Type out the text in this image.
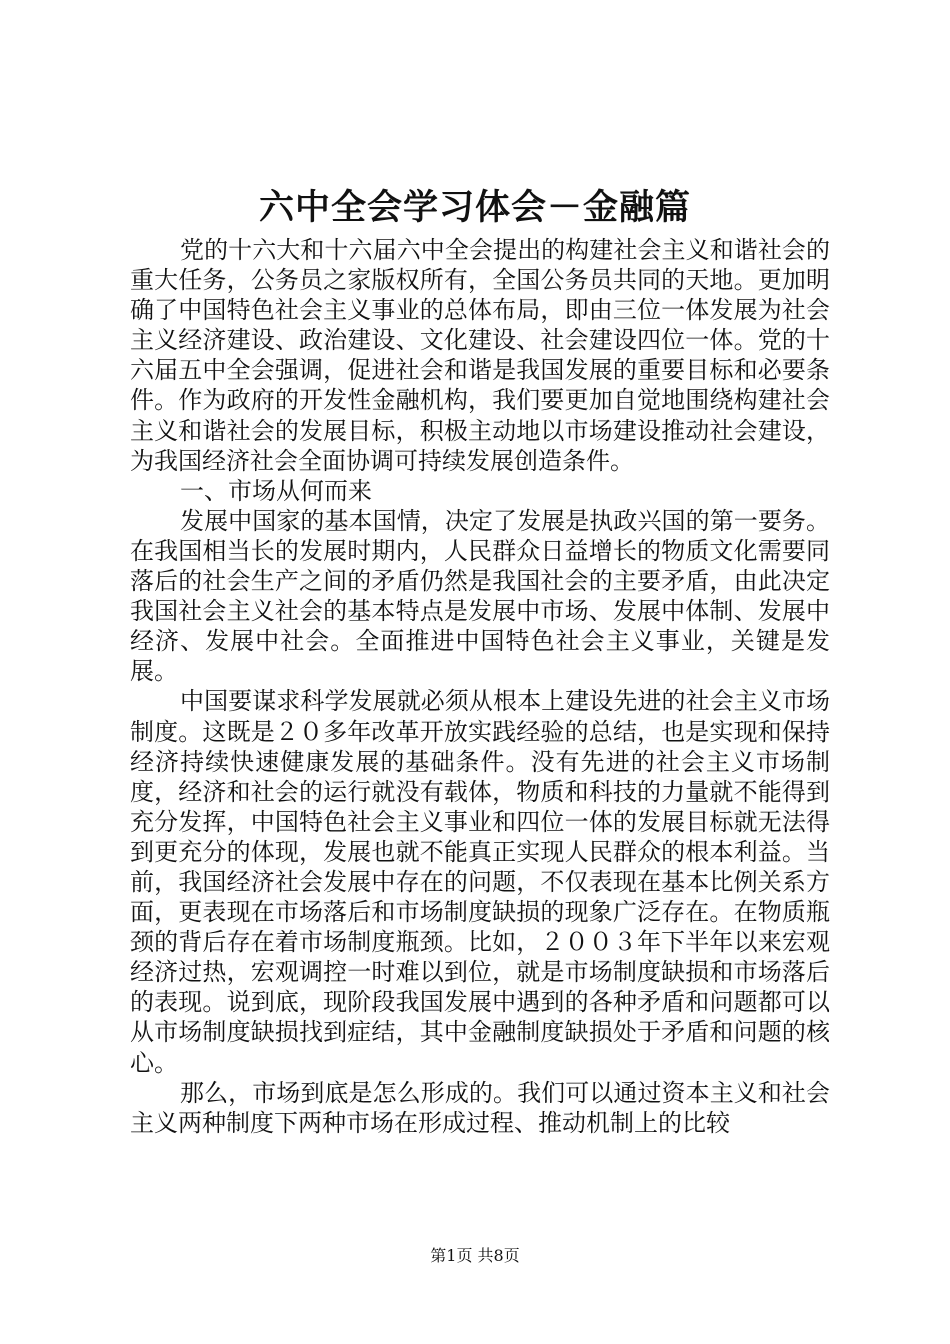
六中全会学习体会－金融篇

党的十六大和十六届六中全会提出的构建社会主义和谐社会的重大任务，公务员之家版权所有，全国公务员共同的天地。更加明确了中国特色社会主义事业的总体布局，即由三位一体发展为社会主义经济建设、政治建设、文化建设、社会建设四位一体。党的十六届五中全会强调，促进社会和谐是我国发展的重要目标和必要条件。作为政府的开发性金融机构，我们要更加自觉地围绕构建社会主义和谐社会的发展目标，积极主动地以市场建设推动社会建设，为我国经济社会全面协调可持续发展创造条件。

一、市场从何而来

发展中国家的基本国情，决定了发展是执政兴国的第一要务。在我国相当长的发展时期内，人民群众日益增长的物质文化需要同落后的社会生产之间的矛盾仍然是我国社会的主要矛盾，由此决定我国社会主义社会的基本特点是发展中市场、发展中体制、发展中经济、发展中社会。全面推进中国特色社会主义事业，关键是发展。

中国要谋求科学发展就必须从根本上建设先进的社会主义市场制度。这既是２０多年改革开放实践经验的总结，也是实现和保持经济持续快速健康发展的基础条件。没有先进的社会主义市场制度，经济和社会的运行就没有载体，物质和科技的力量就不能得到充分发挥，中国特色社会主义事业和四位一体的发展目标就无法得到更充分的体现，发展也就不能真正实现人民群众的根本利益。当前，我国经济社会发展中存在的问题，不仅表现在基本比例关系方面，更表现在市场落后和市场制度缺损的现象广泛存在。在物质瓶颈的背后存在着市场制度瓶颈。比如，２００３年下半年以来宏观经济过热，宏观调控一时难以到位，就是市场制度缺损和市场落后的表现。说到底，现阶段我国发展中遇到的各种矛盾和问题都可以从市场制度缺损找到症结，其中金融制度缺损处于矛盾和问题的核心。

那么，市场到底是怎么形成的。我们可以通过资本主义和社会主义两种制度下两种市场在形成过程、推动机制上的比较

第1页 共8页
